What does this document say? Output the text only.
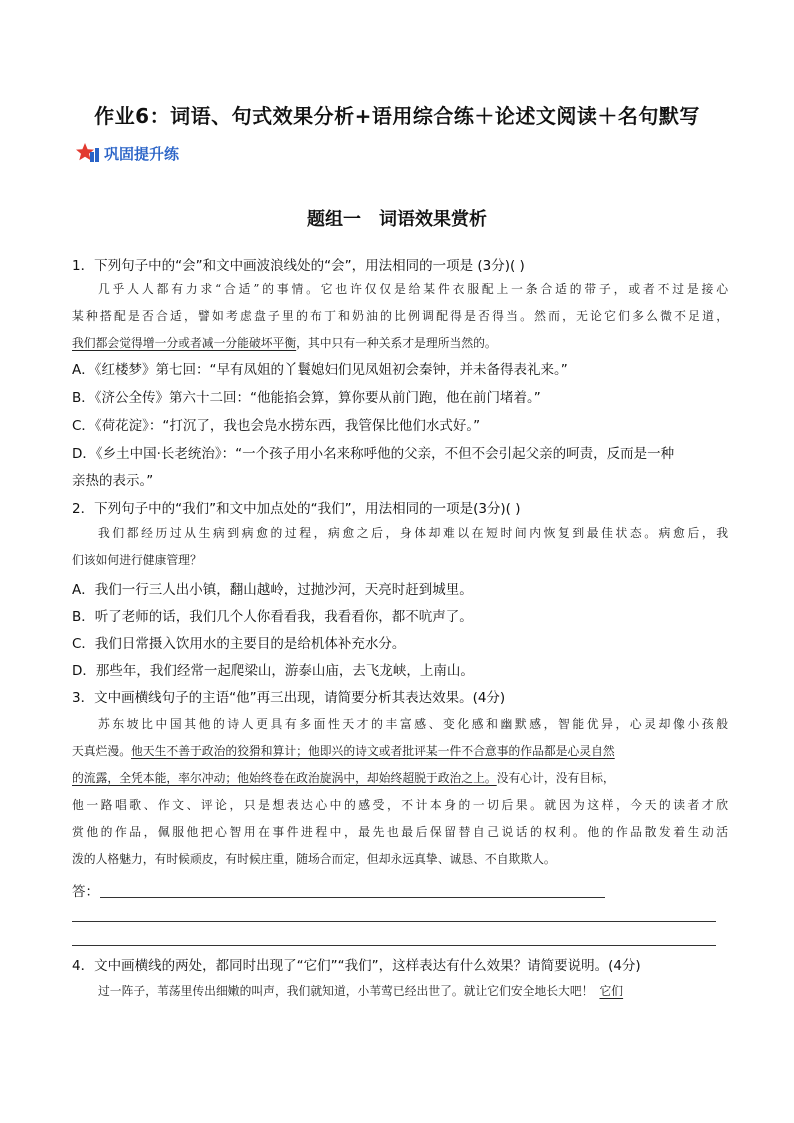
作业6：词语、句式效果分析+语用综合练＋论述文阅读＋名句默写
巩固提升练
题组一 词语效果赏析
1．下列句子中的“会”和文中画波浪线处的“会”，用法相同的一项是 (3分)( )
几乎人人都有力求“合适”的事情。它也许仅仅是给某件衣服配上一条合适的带子，或者不过是接心
某种搭配是否合适，譬如考虑盘子里的布丁和奶油的比例调配得是否得当。然而，无论它们多么微不足道，
我们都会觉得增一分或者减一分能破坏平衡，其中只有一种关系才是理所当然的。
A．《红楼梦》第七回：“早有凤姐的丫鬟媳妇们见凤姐初会秦钟，并未备得表礼来。”
B．《济公全传》第六十二回：“他能掐会算，算你要从前门跑，他在前门堵着。”
C．《荷花淀》：“打沉了，我也会凫水捞东西，我管保比他们水式好。”
D．《乡土中国·长老统治》：“一个孩子用小名来称呼他的父亲，不但不会引起父亲的呵责，反而是一种
亲热的表示。”
2．下列句子中的“我们”和文中加点处的“我们”，用法相同的一项是(3分)( )
我们都经历过从生病到病愈的过程，病愈之后，身体却难以在短时间内恢复到最佳状态。病愈后，我
们该如何进行健康管理？
A．我们一行三人出小镇，翻山越岭，过抛沙河，天亮时赶到城里。
B．听了老师的话，我们几个人你看看我，我看看你，都不吭声了。
C．我们日常摄入饮用水的主要目的是给机体补充水分。
D．那些年，我们经常一起爬梁山，游泰山庙，去飞龙峡，上南山。
3．文中画横线句子的主语“他”再三出现，请简要分析其表达效果。(4分)
苏东坡比中国其他的诗人更具有多面性天才的丰富感、变化感和幽默感，智能优异，心灵却像小孩般
天真烂漫。他天生不善于政治的狡猾和算计；他即兴的诗文或者批评某一件不合意事的作品都是心灵自然
的流露，全凭本能，率尔冲动；他始终卷在政治旋涡中，却始终超脱于政治之上。没有心计，没有目标，
他一路唱歌、作文、评论，只是想表达心中的感受，不计本身的一切后果。就因为这样，今天的读者才欣
赏他的作品，佩服他把心智用在事件进程中，最先也最后保留替自己说话的权利。他的作品散发着生动活
泼的人格魅力，有时候顽皮，有时候庄重，随场合而定，但却永远真挚、诚恳、不自欺欺人。
答：
4．文中画横线的两处，都同时出现了“它们”“我们”，这样表达有什么效果？请简要说明。(4分)
过一阵子，苇荡里传出细嫩的叫声，我们就知道，小苇莺已经出世了。就让它们安全地长大吧！ 它们
